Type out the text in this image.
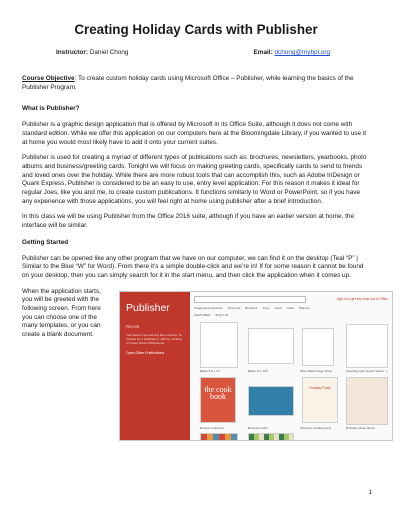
Creating Holiday Cards with Publisher
Instructor: Daniel Chong	Email: dchong@mybpl.org

Course Objective: To create custom holiday cards using Microsoft Office – Publisher, while learning the basics of the Publisher Program.

What is Publisher?

Publisher is a graphic design application that is offered by Microsoft in its Office Suite, although it does not come with standard edition. While we offer this application on our computers here at the Bloomingdale Library, if you wanted to use it at home you would most likely have to add it onto your current suites.

Publisher is used for creating a myriad of different types of publications such as: brochures, newsletters, yearbooks, photo albums and business/greeting cards. Tonight we will focus on making greeting cards, specifically cards to send to friends and loved ones over the holiday. While there are more robust tools that can accomplish this, such as Adobe InDesign or Quark Express, Publisher is considered to be an easy to use, entry level application. For this reason it makes it ideal for regular Joes, like you and me, to create custom publications. It functions similarly to Word or PowerPoint, so if you have any experience with those applications, you will feel right at home using publisher after a brief introduction.

In this class we will be using Publisher from the Office 2016 suite, although if you have an earlier version at home, the interface will be similar.

Getting Started

Publisher can be opened like any other program that we have on our computer, we can find it on the desktop (Teal “P” | Similar to the Blue “W” for Word). From there it’s a simple double-click and we’re in! If for some reason it cannot be found on your desktop, then you can simply search for it in the start menu, and then click the application when it comes up.

When the application starts, you will be greeted with the following screen. From here you can choose one of the many templates, or you can create a blank document.

Publisher
Recent
You haven't opened any files recently. To browse for a publication, start by clicking on Open Other Publications.
Open Other Publications
Sign in to get the most out of Office
Suggested searches: Personal Brochure Flyer Card Label Planner
FEATURED BUILT-IN
Blank 8.5 x 11"	Blank 11 x 8.5"	More Blank Page Sizes	Greeting card (Joyful winter...)
the cook book
Recipe cookbook	Business card
Holiday Party
Welcome holiday party	Birthday photo album
1
